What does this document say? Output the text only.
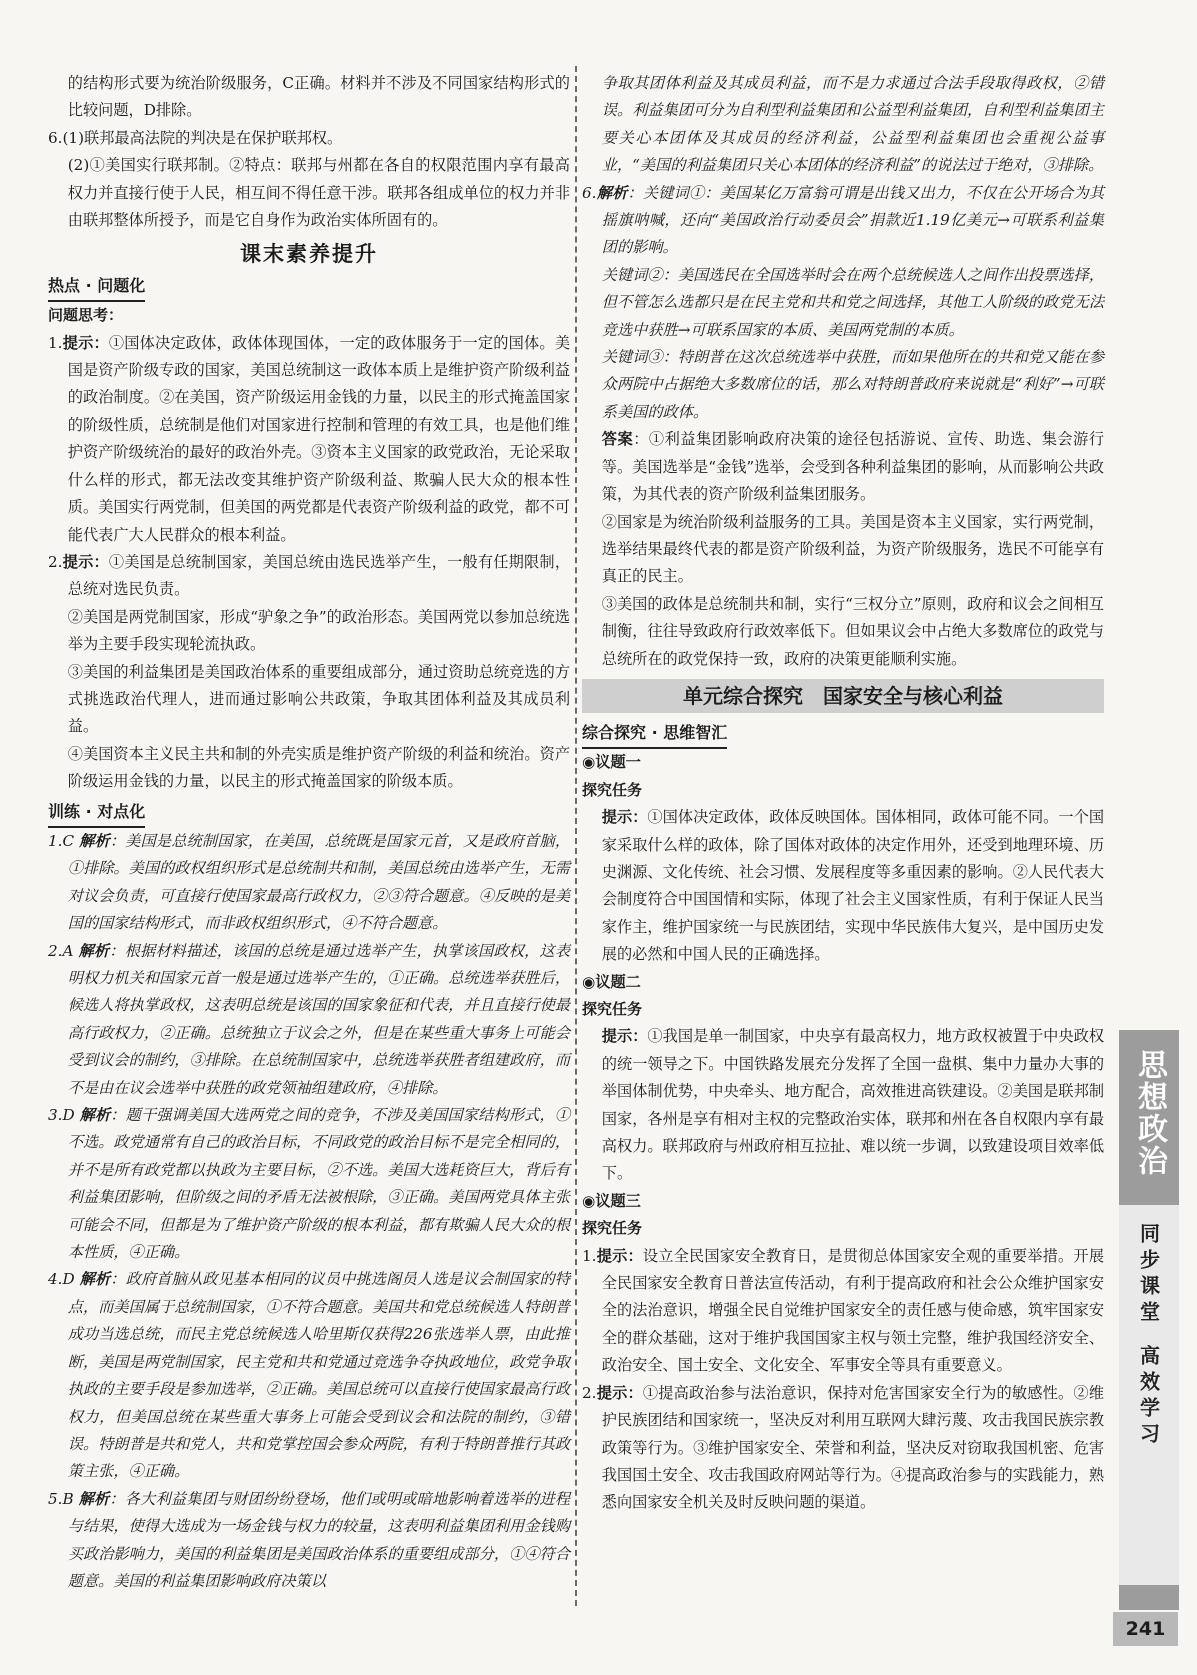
的结构形式要为统治阶级服务，C正确。材料并不涉及不同国家结构形式的比较问题，D排除。

6.(1)联邦最高法院的判决是在保护联邦权。

(2)①美国实行联邦制。②特点：联邦与州都在各自的权限范围内享有最高权力并直接行使于人民，相互间不得任意干涉。联邦各组成单位的权力并非由联邦整体所授予，而是它自身作为政治实体所固有的。

课末素养提升
热点 · 问题化
问题思考：

1.提示：①国体决定政体，政体体现国体，一定的政体服务于一定的国体。美国是资产阶级专政的国家，美国总统制这一政体本质上是维护资产阶级利益的政治制度。②在美国，资产阶级运用金钱的力量，以民主的形式掩盖国家的阶级性质，总统制是他们对国家进行控制和管理的有效工具，也是他们维护资产阶级统治的最好的政治外壳。③资本主义国家的政党政治，无论采取什么样的形式，都无法改变其维护资产阶级利益、欺骗人民大众的根本性质。美国实行两党制，但美国的两党都是代表资产阶级利益的政党，都不可能代表广大人民群众的根本利益。

2.提示：①美国是总统制国家，美国总统由选民选举产生，一般有任期限制，总统对选民负责。

②美国是两党制国家，形成“驴象之争”的政治形态。美国两党以参加总统选举为主要手段实现轮流执政。

③美国的利益集团是美国政治体系的重要组成部分，通过资助总统竞选的方式挑选政治代理人，进而通过影响公共政策，争取其团体利益及其成员利益。

④美国资本主义民主共和制的外壳实质是维护资产阶级的利益和统治。资产阶级运用金钱的力量，以民主的形式掩盖国家的阶级本质。

训练 · 对点化

1.C 解析：美国是总统制国家，在美国，总统既是国家元首，又是政府首脑，①排除。美国的政权组织形式是总统制共和制，美国总统由选举产生，无需对议会负责，可直接行使国家最高行政权力，②③符合题意。④反映的是美国的国家结构形式，而非政权组织形式，④不符合题意。

2.A 解析：根据材料描述，该国的总统是通过选举产生，执掌该国政权，这表明权力机关和国家元首一般是通过选举产生的，①正确。总统选举获胜后，候选人将执掌政权，这表明总统是该国的国家象征和代表，并且直接行使最高行政权力，②正确。总统独立于议会之外，但是在某些重大事务上可能会受到议会的制约，③排除。在总统制国家中，总统选举获胜者组建政府，而不是由在议会选举中获胜的政党领袖组建政府，④排除。

3.D 解析：题干强调美国大选两党之间的竞争，不涉及美国国家结构形式，①不选。政党通常有自己的政治目标，不同政党的政治目标不是完全相同的，并不是所有政党都以执政为主要目标，②不选。美国大选耗资巨大，背后有利益集团影响，但阶级之间的矛盾无法被根除，③正确。美国两党具体主张可能会不同，但都是为了维护资产阶级的根本利益，都有欺骗人民大众的根本性质，④正确。

4.D 解析：政府首脑从政见基本相同的议员中挑选阁员人选是议会制国家的特点，而美国属于总统制国家，①不符合题意。美国共和党总统候选人特朗普成功当选总统，而民主党总统候选人哈里斯仅获得226张选举人票，由此推断，美国是两党制国家，民主党和共和党通过竞选争夺执政地位，政党争取执政的主要手段是参加选举，②正确。美国总统可以直接行使国家最高行政权力，但美国总统在某些重大事务上可能会受到议会和法院的制约，③错误。特朗普是共和党人，共和党掌控国会参众两院，有利于特朗普推行其政策主张，④正确。

5.B 解析：各大利益集团与财团纷纷登场，他们或明或暗地影响着选举的进程与结果，使得大选成为一场金钱与权力的较量，这表明利益集团利用金钱购买政治影响力，美国的利益集团是美国政治体系的重要组成部分，①④符合题意。美国的利益集团影响政府决策以

争取其团体利益及其成员利益，而不是力求通过合法手段取得政权，②错误。利益集团可分为自利型利益集团和公益型利益集团，自利型利益集团主要关心本团体及其成员的经济利益，公益型利益集团也会重视公益事业，“美国的利益集团只关心本团体的经济利益”的说法过于绝对，③排除。

6.解析：关键词①：美国某亿万富翁可谓是出钱又出力，不仅在公开场合为其摇旗呐喊，还向“美国政治行动委员会”捐款近1.19亿美元→可联系利益集团的影响。

关键词②：美国选民在全国选举时会在两个总统候选人之间作出投票选择，但不管怎么选都只是在民主党和共和党之间选择，其他工人阶级的政党无法竞选中获胜→可联系国家的本质、美国两党制的本质。

关键词③：特朗普在这次总统选举中获胜，而如果他所在的共和党又能在参众两院中占据绝大多数席位的话，那么对特朗普政府来说就是“利好”→可联系美国的政体。

答案：①利益集团影响政府决策的途径包括游说、宣传、助选、集会游行等。美国选举是“金钱”选举，会受到各种利益集团的影响，从而影响公共政策，为其代表的资产阶级利益集团服务。

②国家是为统治阶级利益服务的工具。美国是资本主义国家，实行两党制，选举结果最终代表的都是资产阶级利益，为资产阶级服务，选民不可能享有真正的民主。

③美国的政体是总统制共和制，实行“三权分立”原则，政府和议会之间相互制衡，往往导致政府行政效率低下。但如果议会中占绝大多数席位的政党与总统所在的政党保持一致，政府的决策更能顺利实施。

单元综合探究 国家安全与核心利益
综合探究 · 思维智汇
◉议题一
探究任务

提示：①国体决定政体，政体反映国体。国体相同，政体可能不同。一个国家采取什么样的政体，除了国体对政体的决定作用外，还受到地理环境、历史渊源、文化传统、社会习惯、发展程度等多重因素的影响。②人民代表大会制度符合中国国情和实际，体现了社会主义国家性质，有利于保证人民当家作主，维护国家统一与民族团结，实现中华民族伟大复兴，是中国历史发展的必然和中国人民的正确选择。

◉议题二
探究任务

提示：①我国是单一制国家，中央享有最高权力，地方政权被置于中央政权的统一领导之下。中国铁路发展充分发挥了全国一盘棋、集中力量办大事的举国体制优势，中央牵头、地方配合，高效推进高铁建设。②美国是联邦制国家，各州是享有相对主权的完整政治实体，联邦和州在各自权限内享有最高权力。联邦政府与州政府相互拉扯、难以统一步调，以致建设项目效率低下。

◉议题三
探究任务

1.提示：设立全民国家安全教育日，是贯彻总体国家安全观的重要举措。开展全民国家安全教育日普法宣传活动，有利于提高政府和社会公众维护国家安全的法治意识，增强全民自觉维护国家安全的责任感与使命感，筑牢国家安全的群众基础，这对于维护我国国家主权与领土完整，维护我国经济安全、政治安全、国土安全、文化安全、军事安全等具有重要意义。

2.提示：①提高政治参与法治意识，保持对危害国家安全行为的敏感性。②维护民族团结和国家统一，坚决反对利用互联网大肆污蔑、攻击我国民族宗教政策等行为。③维护国家安全、荣誉和利益，坚决反对窃取我国机密、危害我国国土安全、攻击我国政府网站等行为。④提高政治参与的实践能力，熟悉向国家安全机关及时反映问题的渠道。

思想政治
同步课堂
高效学习
241
